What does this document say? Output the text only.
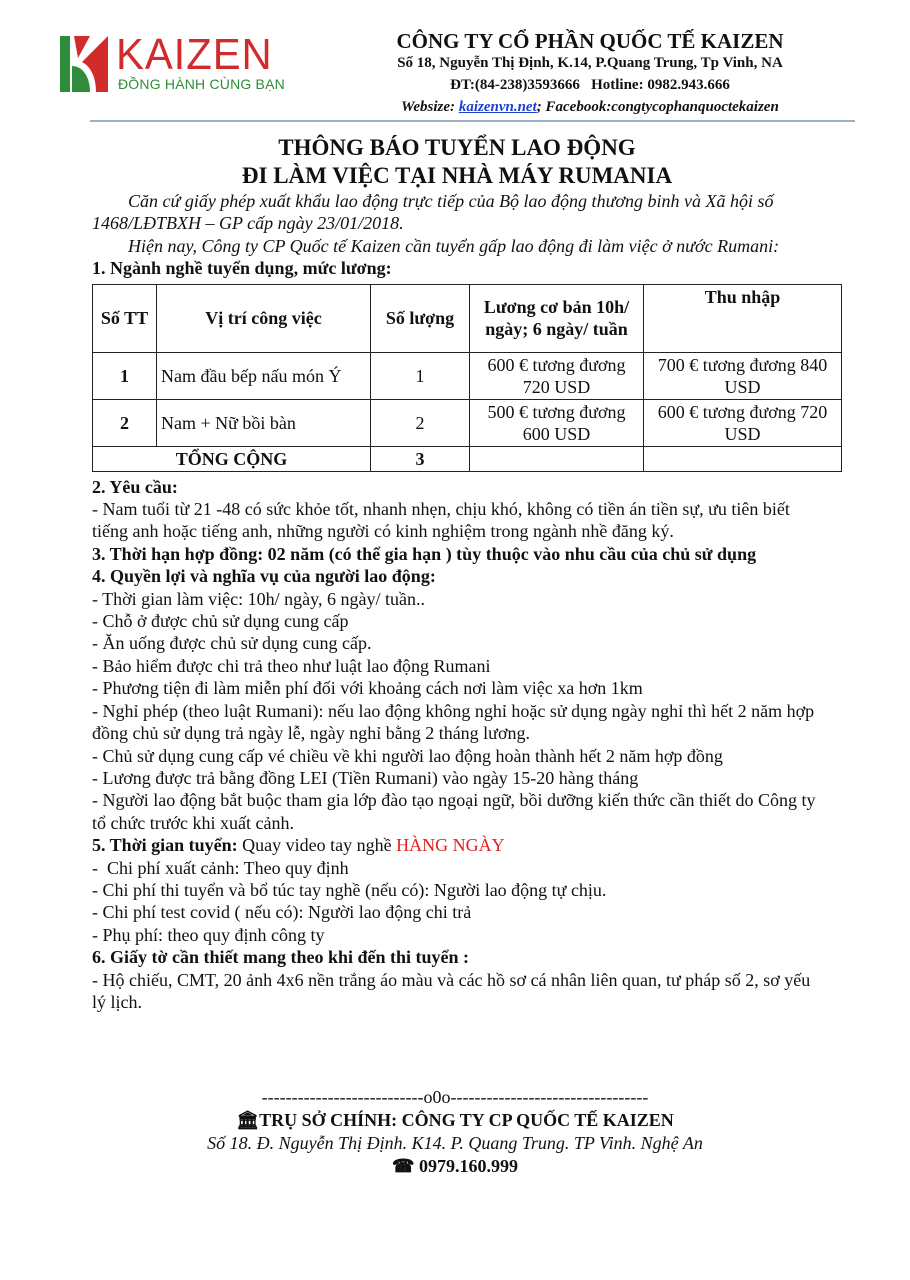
KAIZEN
ĐỒNG HÀNH CÙNG BẠN
CÔNG TY CỔ PHẦN QUỐC TẾ KAIZEN
Số 18, Nguyễn Thị Định, K.14, P.Quang Trung, Tp Vinh, NA
ĐT:(84-238)3593666   Hotline: 0982.943.666
Websize: kaizenvn.net; Facebook:congtycophanquoctekaizen
THÔNG BÁO TUYỂN LAO ĐỘNG
ĐI LÀM VIỆC TẠI NHÀ MÁY RUMANIA

Căn cứ giấy phép xuất khẩu lao động trực tiếp của Bộ lao động thương binh và Xã hội số 1468/LĐTBXH – GP cấp ngày 23/01/2018.

Hiện nay, Công ty CP Quốc tế Kaizen cần tuyển gấp lao động đi làm việc ở nước Rumani:

1. Ngành nghề tuyển dụng, mức lương:

Số TT	Vị trí công việc	Số lượng	Lương cơ bản 10h/ ngày; 6 ngày/ tuần	Thu nhập
1	Nam đầu bếp nấu món Ý	1	600 € tương đương 720 USD	700 € tương đương 840 USD
2	Nam + Nữ bồi bàn	2	500 € tương đương 600 USD	600 € tương đương 720 USD
TỔNG CỘNG		3		

2. Yêu cầu:

- Nam tuổi từ 21 -48 có sức khỏe tốt, nhanh nhẹn, chịu khó, không có tiền án tiền sự, ưu tiên biết tiếng anh hoặc tiếng anh, những người có kinh nghiệm trong ngành nhề đăng ký.

3. Thời hạn hợp đồng: 02 năm (có thể gia hạn ) tùy thuộc vào nhu cầu của chủ sử dụng

4. Quyền lợi và nghĩa vụ của người lao động:

- Thời gian làm việc: 10h/ ngày, 6 ngày/ tuần..

- Chỗ ở được chủ sử dụng cung cấp

- Ăn uống được chủ sử dụng cung cấp.

- Bảo hiểm được chi trả theo như luật lao động Rumani

- Phương tiện đi làm miễn phí đối với khoảng cách nơi làm việc xa hơn 1km

- Nghỉ phép (theo luật Rumani): nếu lao động không nghỉ hoặc sử dụng ngày nghỉ thì hết 2 năm hợp đồng chủ sử dụng trả ngày lễ, ngày nghỉ bằng 2 tháng lương.

- Chủ sử dụng cung cấp vé chiều về khi người lao động hoàn thành hết 2 năm hợp đồng

- Lương được trả bằng đồng LEI (Tiền Rumani) vào ngày 15-20 hàng tháng

- Người lao động bắt buộc tham gia lớp đào tạo ngoại ngữ, bồi dưỡng kiến thức cần thiết do Công ty tổ chức trước khi xuất cảnh.

5. Thời gian tuyển: Quay video tay nghề HÀNG NGÀY

-  Chi phí xuất cảnh: Theo quy định

- Chi phí thi tuyển và bổ túc tay nghề (nếu có): Người lao động tự chịu.

- Chi phí test covid ( nếu có): Người lao động chi trả

- Phụ phí: theo quy định công ty

6. Giấy tờ cần thiết mang theo khi đến thi tuyển :

- Hộ chiếu, CMT, 20 ảnh 4x6 nền trắng áo màu và các hồ sơ cá nhân liên quan, tư pháp số 2, sơ yếu lý lịch.

---------------------------o0o---------------------------------

🏛TRỤ SỞ CHÍNH: CÔNG TY CP QUỐC TẾ KAIZEN

Số 18. Đ. Nguyễn Thị Định. K14. P. Quang Trung. TP Vinh. Nghệ An

☎ 0979.160.999
